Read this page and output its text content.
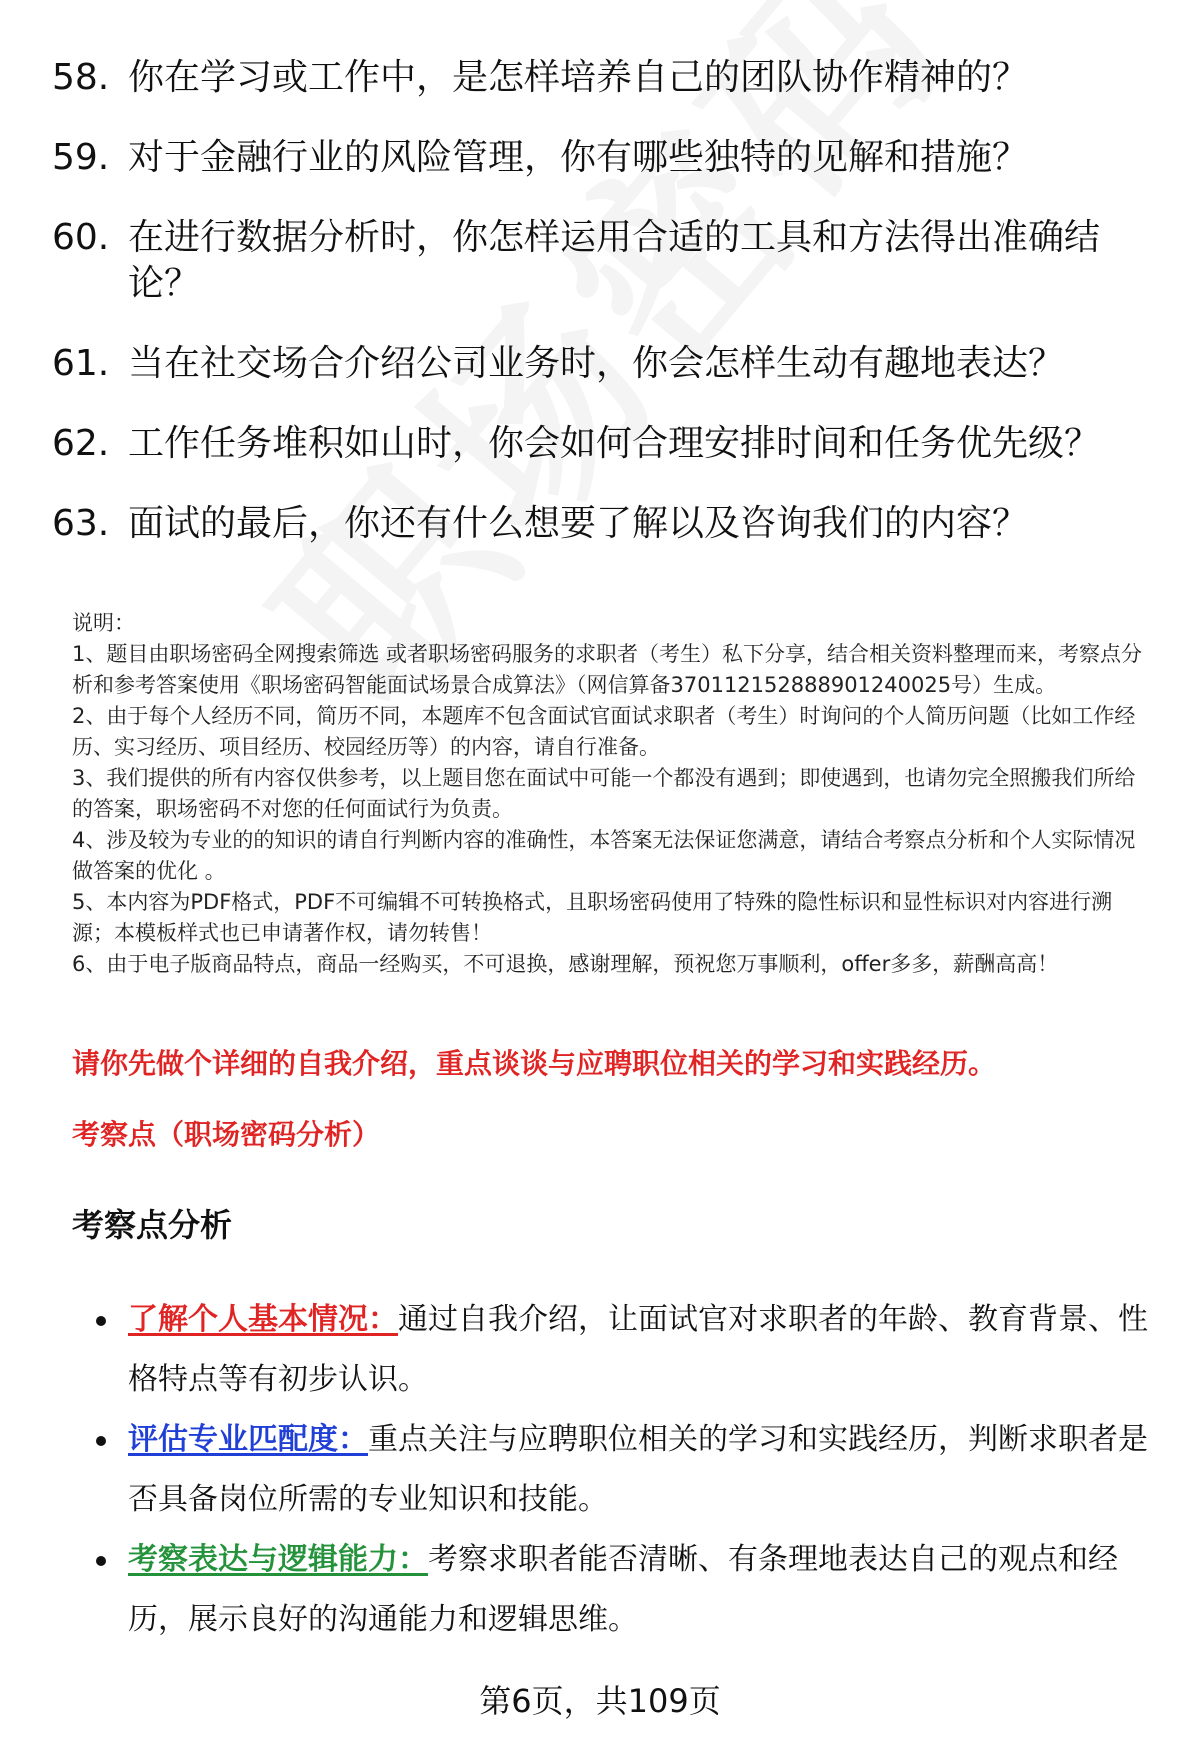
58. 你在学习或工作中，是怎样培养自己的团队协作精神的？
59. 对于金融行业的风险管理，你有哪些独特的见解和措施？
60. 在进行数据分析时，你怎样运用合适的工具和方法得出准确结论？
61. 当在社交场合介绍公司业务时，你会怎样生动有趣地表达？
62. 工作任务堆积如山时，你会如何合理安排时间和任务优先级？
63. 面试的最后，你还有什么想要了解以及咨询我们的内容？

说明：

1、题目由职场密码全网搜索筛选 或者职场密码服务的求职者（考生）私下分享，结合相关资料整理而来，考察点分析和参考答案使用《职场密码智能面试场景合成算法》（网信算备370112152888901240025号）生成。

2、由于每个人经历不同，简历不同，本题库不包含面试官面试求职者（考生）时询问的个人简历问题（比如工作经历、实习经历、项目经历、校园经历等）的内容，请自行准备。

3、我们提供的所有内容仅供参考，以上题目您在面试中可能一个都没有遇到；即使遇到，也请勿完全照搬我们所给的答案，职场密码不对您的任何面试行为负责。

4、涉及较为专业的的知识的请自行判断内容的准确性，本答案无法保证您满意，请结合考察点分析和个人实际情况做答案的优化 。

5、本内容为PDF格式，PDF不可编辑不可转换格式，且职场密码使用了特殊的隐性标识和显性标识对内容进行溯源；本模板样式也已申请著作权，请勿转售！

6、由于电子版商品特点，商品一经购买，不可退换，感谢理解，预祝您万事顺利，offer多多，薪酬高高！

请你先做个详细的自我介绍，重点谈谈与应聘职位相关的学习和实践经历。
考察点（职场密码分析）
考察点分析
了解个人基本情况：通过自我介绍，让面试官对求职者的年龄、教育背景、性格特点等有初步认识。
评估专业匹配度：重点关注与应聘职位相关的学习和实践经历，判断求职者是否具备岗位所需的专业知识和技能。
考察表达与逻辑能力：考察求职者能否清晰、有条理地表达自己的观点和经历，展示良好的沟通能力和逻辑思维。
第6页，共109页
